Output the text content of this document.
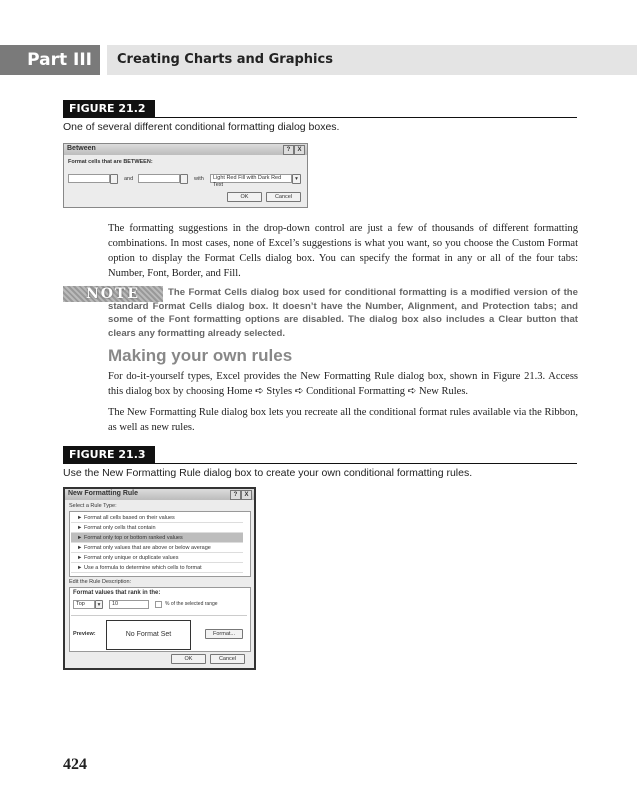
Part III	Creating Charts and Graphics
FIGURE 21.2
One of several different conditional formatting dialog boxes.
Between	?	X
Format cells that are BETWEEN:
and	with	Light Red Fill with Dark Red Text
▾
OK	Cancel

The formatting suggestions in the drop-down control are just a few of thousands of different formatting combinations. In most cases, none of Excel’s suggestions is what you want, so you choose the Custom Format option to display the Format Cells dialog box. You can specify the format in any or all of the four tabs: Number, Font, Border, and Fill.

NOTE	The Format Cells dialog box used for conditional formatting is a modified version of the standard Format Cells dialog box. It doesn’t have the Number, Alignment, and Protection tabs; and some of the Font formatting options are disabled. The dialog box also includes a Clear button that clears any formatting already selected.
Making your own rules

For do-it-yourself types, Excel provides the New Formatting Rule dialog box, shown in Figure 21.3. Access this dialog box by choosing Home ➪ Styles ➪ Conditional Formatting ➪ New Rules.

The New Formatting Rule dialog box lets you recreate all the conditional format rules available via the Ribbon, as well as new rules.

FIGURE 21.3
Use the New Formatting Rule dialog box to create your own conditional formatting rules.
New Formatting Rule	?	X
Select a Rule Type:
► Format all cells based on their values
► Format only cells that contain
► Format only top or bottom ranked values
► Format only values that are above or below average
► Format only unique or duplicate values
► Use a formula to determine which cells to format
Edit the Rule Description:
Format values that rank in the:
Top	▾	10	% of the selected range
Preview:	No Format Set	Format...
OK	Cancel
424
